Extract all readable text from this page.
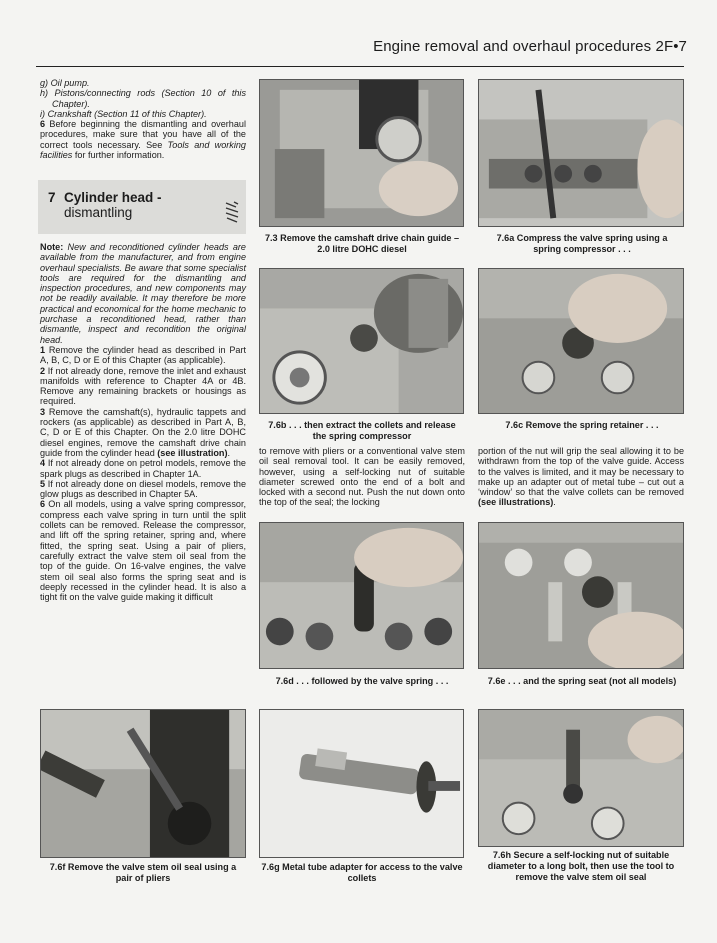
Engine removal and overhaul procedures 2F•7

g) Oil pump.

h) Pistons/connecting rods (Section 10 of this Chapter).

i) Crankshaft (Section 11 of this Chapter).

6 Before beginning the dismantling and overhaul procedures, make sure that you have all of the correct tools necessary. See Tools and working facilities for further information.

7 Cylinder head -
dismantling

Note: New and reconditioned cylinder heads are available from the manufacturer, and from engine overhaul specialists. Be aware that some specialist tools are required for the dismantling and inspection procedures, and new components may not be readily available. It may therefore be more practical and economical for the home mechanic to purchase a reconditioned head, rather than dismantle, inspect and recondition the original head.

1 Remove the cylinder head as described in Part A, B, C, D or E of this Chapter (as applicable).

2 If not already done, remove the inlet and exhaust manifolds with reference to Chapter 4A or 4B. Remove any remaining brackets or housings as required.

3 Remove the camshaft(s), hydraulic tappets and rockers (as applicable) as described in Part A, B, C, D or E of this Chapter. On the 2.0 litre DOHC diesel engines, remove the camshaft drive chain guide from the cylinder head (see illustration).

4 If not already done on petrol models, remove the spark plugs as described in Chapter 1A.

5 If not already done on diesel models, remove the glow plugs as described in Chapter 5A.

6 On all models, using a valve spring compressor, compress each valve spring in turn until the split collets can be removed. Release the compressor, and lift off the spring retainer, spring and, where fitted, the spring seat. Using a pair of pliers, carefully extract the valve stem oil seal from the top of the guide. On 16-valve engines, the valve stem oil seal also forms the spring seat and is deeply recessed in the cylinder head. It is also a tight fit on the valve guide making it difficult

7.3 Remove the camshaft drive chain guide – 2.0 litre DOHC diesel
7.6a Compress the valve spring using a spring compressor . . .
7.6b . . . then extract the collets and release the spring compressor
7.6c Remove the spring retainer . . .

to remove with pliers or a conventional valve stem oil seal removal tool. It can be easily removed, however, using a self-locking nut of suitable diameter screwed onto the end of a bolt and locked with a second nut. Push the nut down onto the top of the seal; the locking

portion of the nut will grip the seal allowing it to be withdrawn from the top of the valve guide. Access to the valves is limited, and it may be necessary to make up an adapter out of metal tube – cut out a ‘window’ so that the valve collets can be removed (see illustrations).

7.6d . . . followed by the valve spring . . .	7.6e . . . and the spring seat (not all models)
7.6f Remove the valve stem oil seal using a pair of pliers
7.6g Metal tube adapter for access to the valve collets
7.6h Secure a self-locking nut of suitable diameter to a long bolt, then use the tool to remove the valve stem oil seal
